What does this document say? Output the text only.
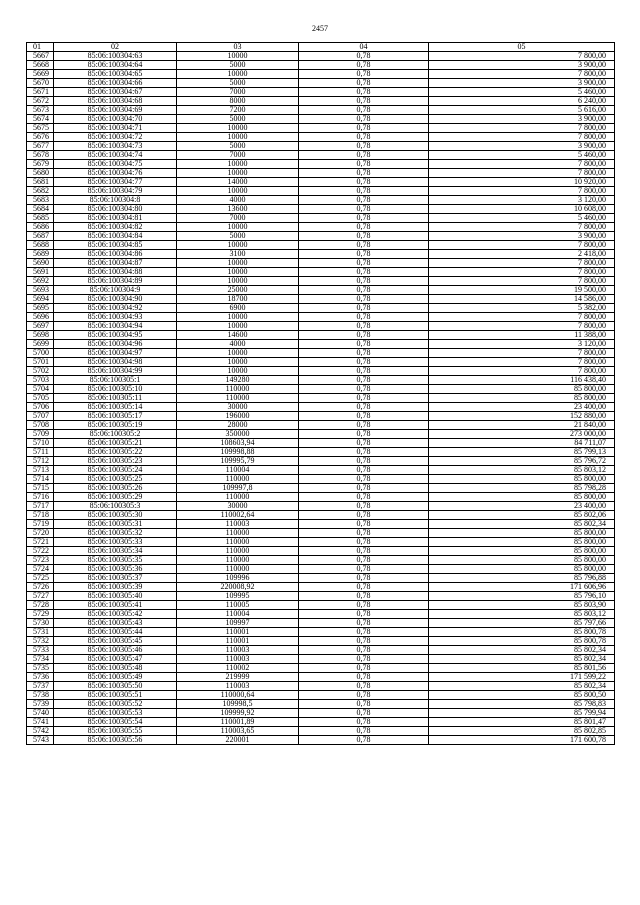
2457
01	02	03	04	05
5667	85:06:100304:63	10000	0,78	7 800,00
5668	85:06:100304:64	5000	0,78	3 900,00
5669	85:06:100304:65	10000	0,78	7 800,00
5670	85:06:100304:66	5000	0,78	3 900,00
5671	85:06:100304:67	7000	0,78	5 460,00
5672	85:06:100304:68	8000	0,78	6 240,00
5673	85:06:100304:69	7200	0,78	5 616,00
5674	85:06:100304:70	5000	0,78	3 900,00
5675	85:06:100304:71	10000	0,78	7 800,00
5676	85:06:100304:72	10000	0,78	7 800,00
5677	85:06:100304:73	5000	0,78	3 900,00
5678	85:06:100304:74	7000	0,78	5 460,00
5679	85:06:100304:75	10000	0,78	7 800,00
5680	85:06:100304:76	10000	0,78	7 800,00
5681	85:06:100304:77	14000	0,78	10 920,00
5682	85:06:100304:79	10000	0,78	7 800,00
5683	85:06:100304:8	4000	0,78	3 120,00
5684	85:06:100304:80	13600	0,78	10 608,00
5685	85:06:100304:81	7000	0,78	5 460,00
5686	85:06:100304:82	10000	0,78	7 800,00
5687	85:06:100304:84	5000	0,78	3 900,00
5688	85:06:100304:85	10000	0,78	7 800,00
5689	85:06:100304:86	3100	0,78	2 418,00
5690	85:06:100304:87	10000	0,78	7 800,00
5691	85:06:100304:88	10000	0,78	7 800,00
5692	85:06:100304:89	10000	0,78	7 800,00
5693	85:06:100304:9	25000	0,78	19 500,00
5694	85:06:100304:90	18700	0,78	14 586,00
5695	85:06:100304:92	6900	0,78	5 382,00
5696	85:06:100304:93	10000	0,78	7 800,00
5697	85:06:100304:94	10000	0,78	7 800,00
5698	85:06:100304:95	14600	0,78	11 388,00
5699	85:06:100304:96	4000	0,78	3 120,00
5700	85:06:100304:97	10000	0,78	7 800,00
5701	85:06:100304:98	10000	0,78	7 800,00
5702	85:06:100304:99	10000	0,78	7 800,00
5703	85:06:100305:1	149280	0,78	116 438,40
5704	85:06:100305:10	110000	0,78	85 800,00
5705	85:06:100305:11	110000	0,78	85 800,00
5706	85:06:100305:14	30000	0,78	23 400,00
5707	85:06:100305:17	196000	0,78	152 880,00
5708	85:06:100305:19	28000	0,78	21 840,00
5709	85:06:100305:2	350000	0,78	273 000,00
5710	85:06:100305:21	108603,94	0,78	84 711,07
5711	85:06:100305:22	109998,88	0,78	85 799,13
5712	85:06:100305:23	109995,79	0,78	85 796,72
5713	85:06:100305:24	110004	0,78	85 803,12
5714	85:06:100305:25	110000	0,78	85 800,00
5715	85:06:100305:26	109997,8	0,78	85 798,28
5716	85:06:100305:29	110000	0,78	85 800,00
5717	85:06:100305:3	30000	0,78	23 400,00
5718	85:06:100305:30	110002,64	0,78	85 802,06
5719	85:06:100305:31	110003	0,78	85 802,34
5720	85:06:100305:32	110000	0,78	85 800,00
5721	85:06:100305:33	110000	0,78	85 800,00
5722	85:06:100305:34	110000	0,78	85 800,00
5723	85:06:100305:35	110000	0,78	85 800,00
5724	85:06:100305:36	110000	0,78	85 800,00
5725	85:06:100305:37	109996	0,78	85 796,88
5726	85:06:100305:39	220008,92	0,78	171 606,96
5727	85:06:100305:40	109995	0,78	85 796,10
5728	85:06:100305:41	110005	0,78	85 803,90
5729	85:06:100305:42	110004	0,78	85 803,12
5730	85:06:100305:43	109997	0,78	85 797,66
5731	85:06:100305:44	110001	0,78	85 800,78
5732	85:06:100305:45	110001	0,78	85 800,78
5733	85:06:100305:46	110003	0,78	85 802,34
5734	85:06:100305:47	110003	0,78	85 802,34
5735	85:06:100305:48	110002	0,78	85 801,56
5736	85:06:100305:49	219999	0,78	171 599,22
5737	85:06:100305:50	110003	0,78	85 802,34
5738	85:06:100305:51	110000,64	0,78	85 800,50
5739	85:06:100305:52	109998,5	0,78	85 798,83
5740	85:06:100305:53	109999,92	0,78	85 799,94
5741	85:06:100305:54	110001,89	0,78	85 801,47
5742	85:06:100305:55	110003,65	0,78	85 802,85
5743	85:06:100305:56	220001	0,78	171 600,78
